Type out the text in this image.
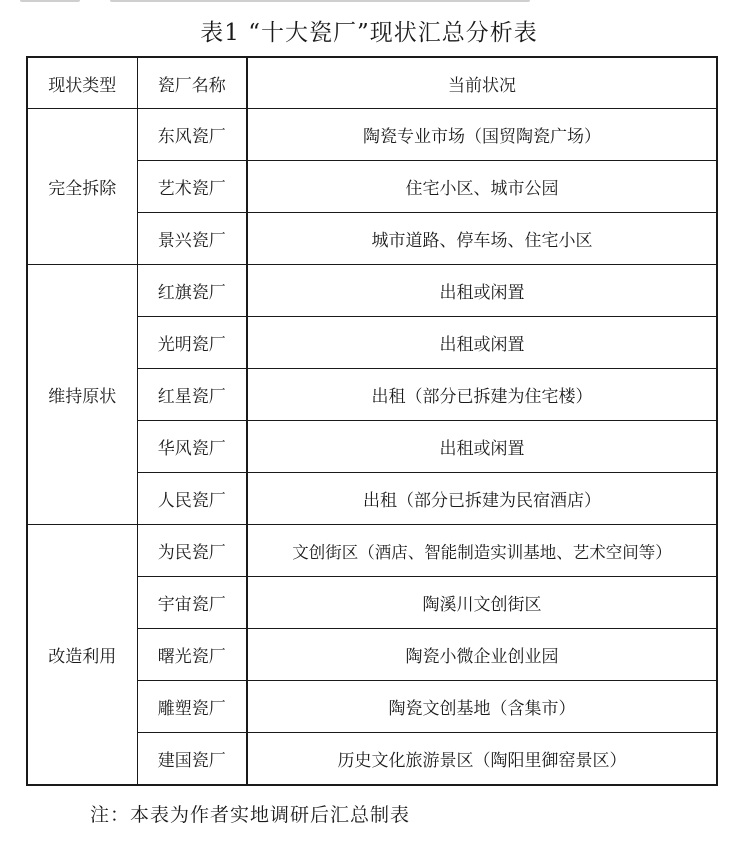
表1 “十大瓷厂”现状汇总分析表
现状类型	瓷厂名称	当前状况
完全拆除	东风瓷厂	陶瓷专业市场（国贸陶瓷广场）
	艺术瓷厂	住宅小区、城市公园
	景兴瓷厂	城市道路、停车场、住宅小区
维持原状	红旗瓷厂	出租或闲置
	光明瓷厂	出租或闲置
	红星瓷厂	出租（部分已拆建为住宅楼）
	华风瓷厂	出租或闲置
	人民瓷厂	出租（部分已拆建为民宿酒店）
改造利用	为民瓷厂	文创街区（酒店、智能制造实训基地、艺术空间等）
	宇宙瓷厂	陶溪川文创街区
	曙光瓷厂	陶瓷小微企业创业园
	雕塑瓷厂	陶瓷文创基地（含集市）
	建国瓷厂	历史文化旅游景区（陶阳里御窑景区）
注：本表为作者实地调研后汇总制表
